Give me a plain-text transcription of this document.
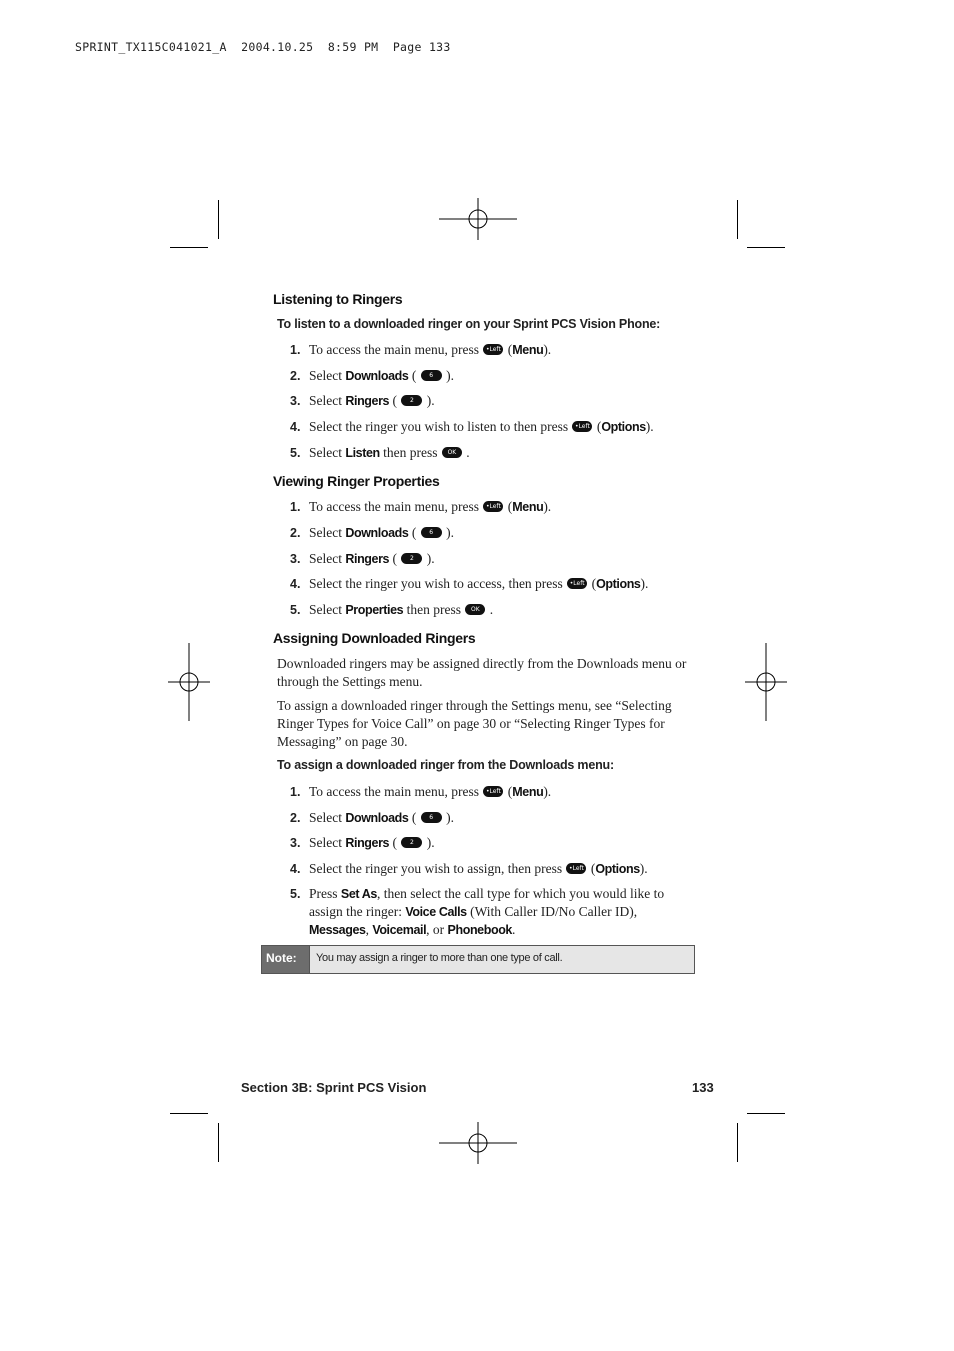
SPRINT_TX115C041021_A  2004.10.25  8:59 PM  Page 133
Listening to Ringers

To listen to a downloaded ringer on your Sprint PCS Vision Phone:

1. To access the main menu, press •Left (Menu).
2. Select Downloads ( 6 mno ).
3. Select Ringers ( 2 abc ).
4. Select the ringer you wish to listen to then press •Left (Options).
5. Select Listen then press OK .
Viewing Ringer Properties
1. To access the main menu, press •Left (Menu).
2. Select Downloads ( 6 mno ).
3. Select Ringers ( 2 abc ).
4. Select the ringer you wish to access, then press •Left (Options).
5. Select Properties then press OK .
Assigning Downloaded Ringers

Downloaded ringers may be assigned directly from the Downloads menu or through the Settings menu.

To assign a downloaded ringer through the Settings menu, see “Selecting Ringer Types for Voice Call” on page 30 or “Selecting Ringer Types for Messaging” on page 30.

To assign a downloaded ringer from the Downloads menu:

1. To access the main menu, press •Left (Menu).
2. Select Downloads ( 6 mno ).
3. Select Ringers ( 2 abc ).
4. Select the ringer you wish to assign, then press •Left (Options).
5. Press Set As, then select the call type for which you would like to assign the ringer: Voice Calls (With Caller ID/No Caller ID), Messages, Voicemail, or Phonebook.
Note:	You may assign a ringer to more than one type of call.
Section 3B: Sprint PCS Vision	133
